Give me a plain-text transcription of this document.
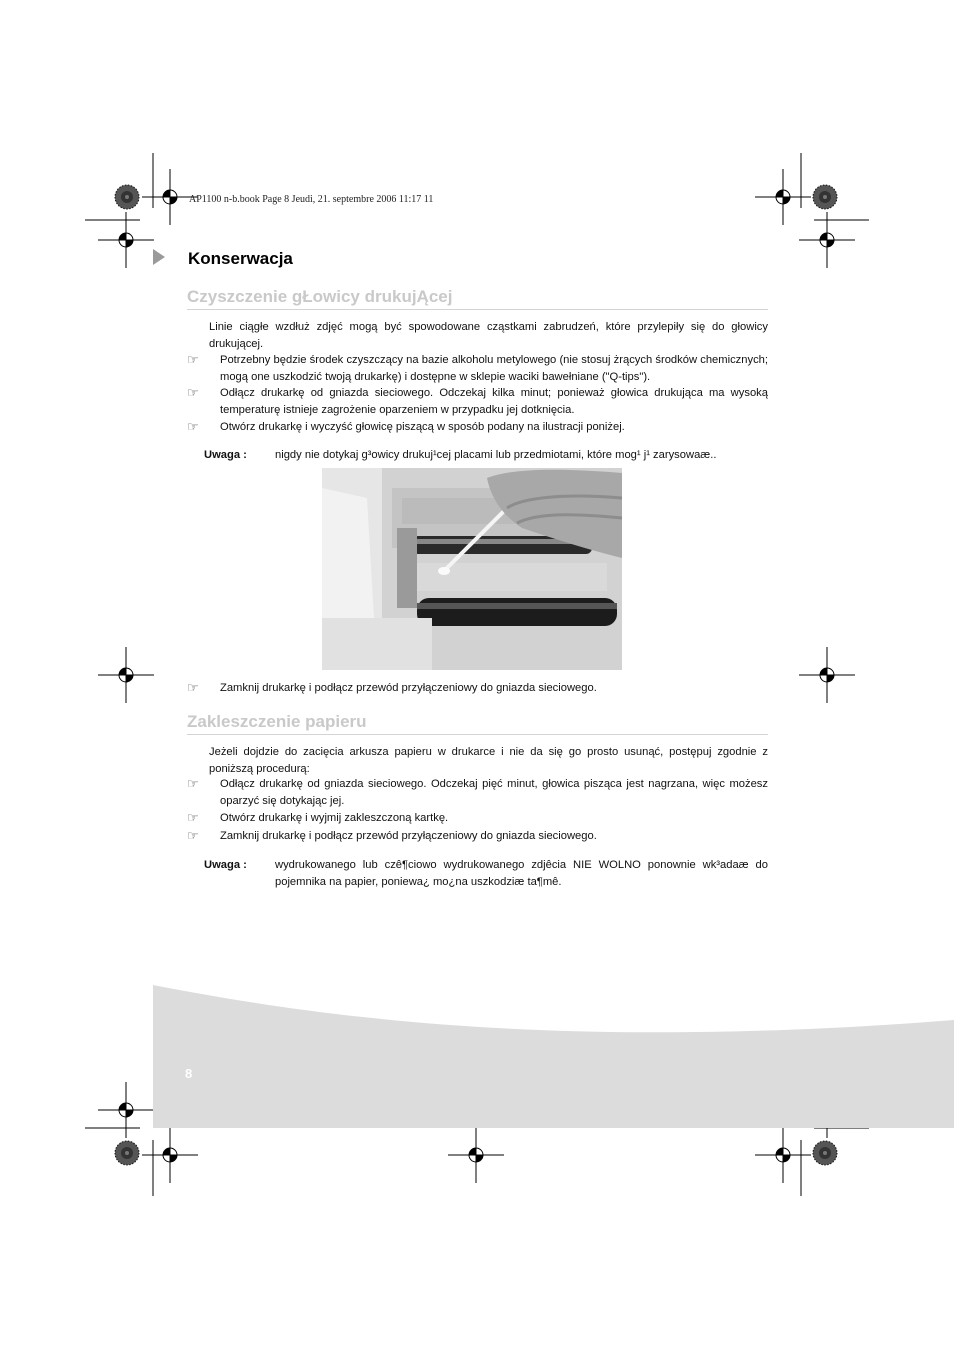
AP1100 n-b.book Page 8 Jeudi, 21. septembre 2006 11:17 11
8
Konserwacja
Czyszczenie gŁowicy drukujĄcej
Linie ciągłe wzdłuż zdjęć mogą być spowodowane cząstkami zabrudzeń, które przylepiły się do głowicy drukującej.
☞	Potrzebny będzie środek czyszczący na bazie alkoholu metylowego (nie stosuj żrących środków chemicznych; mogą one uszkodzić twoją drukarkę) i dostępne w sklepie waciki bawełniane ("Q-tips").
☞	Odłącz drukarkę od gniazda sieciowego. Odczekaj kilka minut; ponieważ głowica drukująca ma wysoką temperaturę istnieje zagrożenie oparzeniem w przypadku jej dotknięcia.
☞	Otwórz drukarkę i wyczyść głowicę piszącą w sposób podany na ilustracji poniżej.
Uwaga :	nigdy nie dotykaj g³owicy drukuj¹cej placami lub przedmiotami, które mog¹ j¹ zarysowaæ..
☞	Zamknij drukarkę i podłącz przewód przyłączeniowy do gniazda sieciowego.
Zakleszczenie papieru
Jeżeli dojdzie do zacięcia arkusza papieru w drukarce i nie da się go prosto usunąć, postępuj zgodnie z poniższą procedurą:
☞	Odłącz drukarkę od gniazda sieciowego. Odczekaj pięć minut, głowica pisząca jest nagrzana, więc możesz oparzyć się dotykając jej.
☞	Otwórz drukarkę i wyjmij zakleszczoną kartkę.
☞	Zamknij drukarkę i podłącz przewód przyłączeniowy do gniazda sieciowego.
Uwaga :	wydrukowanego lub czê¶ciowo wydrukowanego zdjêcia NIE WOLNO ponownie wk³adaæ do pojemnika na papier, poniewa¿ mo¿na uszkodziæ ta¶mê.
